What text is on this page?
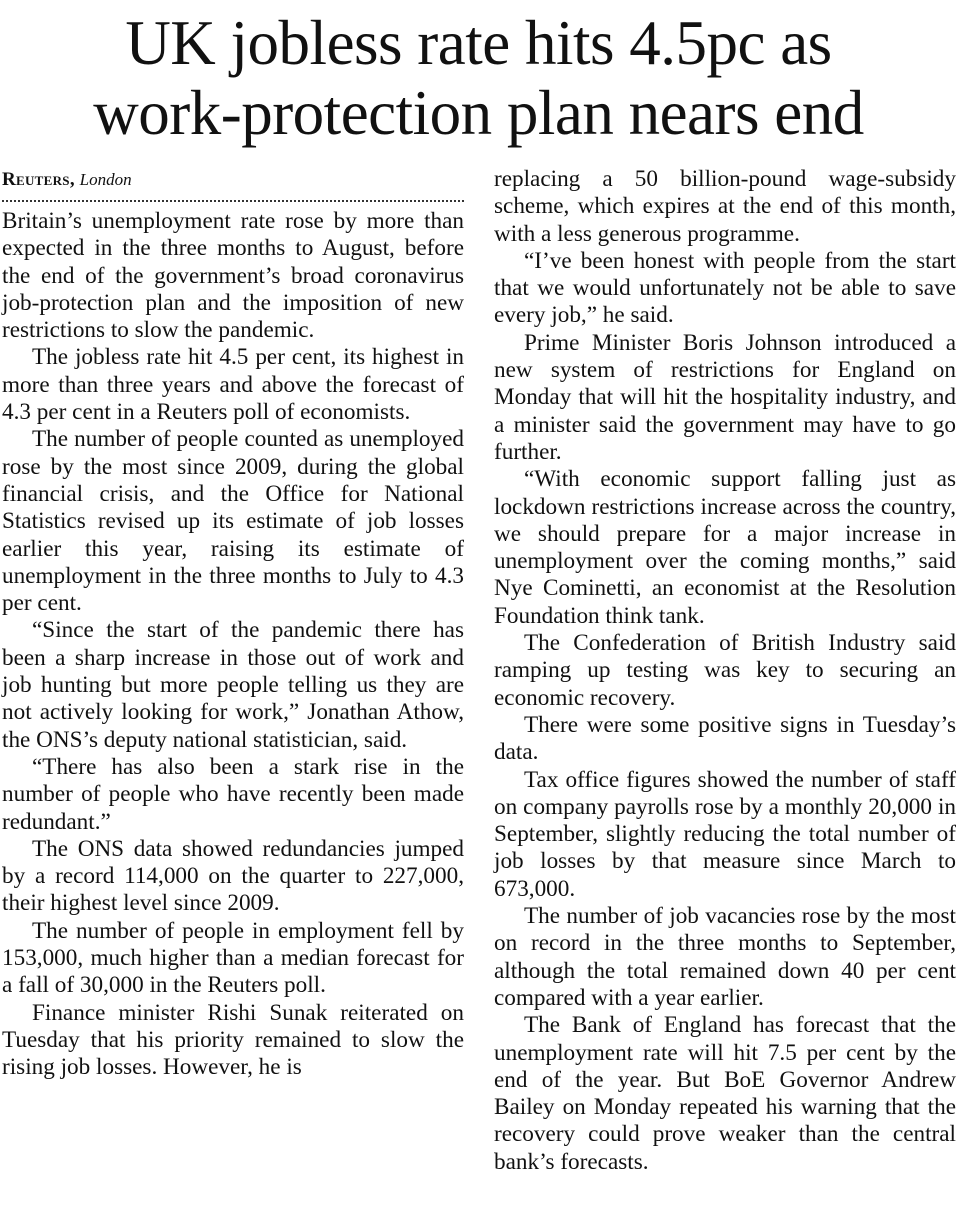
UK jobless rate hits 4.5pc as
work-protection plan nears end
Reuters, London

Britain’s unemployment rate rose by more than expected in the three months to August, before the end of the government’s broad coronavirus job-protection plan and the imposition of new restrictions to slow the pandemic.

The jobless rate hit 4.5 per cent, its highest in more than three years and above the forecast of 4.3 per cent in a Reuters poll of economists.

The number of people counted as unemployed rose by the most since 2009, during the global financial crisis, and the Office for National Statistics revised up its estimate of job losses earlier this year, raising its estimate of unemployment in the three months to July to 4.3 per cent.

“Since the start of the pandemic there has been a sharp increase in those out of work and job hunting but more people telling us they are not actively looking for work,” Jonathan Athow, the ONS’s deputy national statistician, said.

“There has also been a stark rise in the number of people who have recently been made redundant.”

The ONS data showed redundancies jumped by a record 114,000 on the quarter to 227,000, their highest level since 2009.

The number of people in employment fell by 153,000, much higher than a median forecast for a fall of 30,000 in the Reuters poll.

Finance minister Rishi Sunak reiterated on Tuesday that his priority remained to slow the rising job losses. However, he is

replacing a 50 billion-pound wage-subsidy scheme, which expires at the end of this month, with a less generous programme.

“I’ve been honest with people from the start that we would unfortunately not be able to save every job,” he said.

Prime Minister Boris Johnson introduced a new system of restrictions for England on Monday that will hit the hospitality industry, and a minister said the government may have to go further.

“With economic support falling just as lockdown restrictions increase across the country, we should prepare for a major increase in unemployment over the coming months,” said Nye Cominetti, an economist at the Resolution Foundation think tank.

The Confederation of British Industry said ramping up testing was key to securing an economic recovery.

There were some positive signs in Tuesday’s data.

Tax office figures showed the number of staff on company payrolls rose by a monthly 20,000 in September, slightly reducing the total number of job losses by that measure since March to 673,000.

The number of job vacancies rose by the most on record in the three months to September, although the total remained down 40 per cent compared with a year earlier.

The Bank of England has forecast that the unemployment rate will hit 7.5 per cent by the end of the year. But BoE Governor Andrew Bailey on Monday repeated his warning that the recovery could prove weaker than the central bank’s forecasts.
